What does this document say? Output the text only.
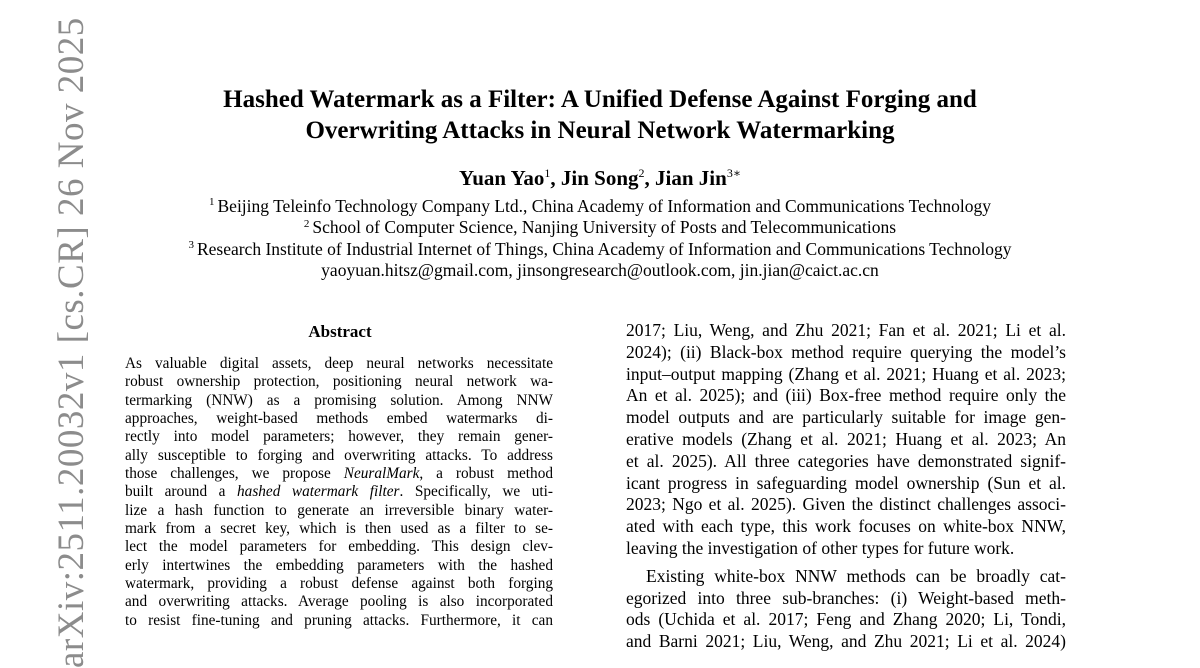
Hashed Watermark as a Filter: A Unified Defense Against Forging and
Overwriting Attacks in Neural Network Watermarking
Yuan Yao$^1$, Jin Song$^2$, Jian Jin$^{3∗}$
$^1$ Beijing Teleinfo Technology Company Ltd., China Academy of Information and Communications Technology
$^2$ School of Computer Science, Nanjing University of Posts and Telecommunications
$^3$ Research Institute of Industrial Internet of Things, China Academy of Information and Communications Technology
yaoyuan.hitsz@gmail.com, jinsongresearch@outlook.com, jin.jian@caict.ac.cn
arXiv:2511.20032v1 [cs.CR] 26 Nov 2025	Abstract
As valuable digital assets, deep neural networks necessitate
robust ownership protection, positioning neural network wa-
termarking (NNW) as a promising solution. Among NNW
approaches, weight-based methods embed watermarks di-
rectly into model parameters; however, they remain gener-
ally susceptible to forging and overwriting attacks. To address
those challenges, we propose NeuralMark, a robust method
built around a hashed watermark filter. Specifically, we uti-
lize a hash function to generate an irreversible binary water-
mark from a secret key, which is then used as a filter to se-
lect the model parameters for embedding. This design clev-
erly intertwines the embedding parameters with the hashed
watermark, providing a robust defense against both forging
and overwriting attacks. Average pooling is also incorporated
to resist fine-tuning and pruning attacks. Furthermore, it can
2017; Liu, Weng, and Zhu 2021; Fan et al. 2021; Li et al.
2024); (ii) Black-box method require querying the model’s
input–output mapping (Zhang et al. 2021; Huang et al. 2023;
An et al. 2025); and (iii) Box-free method require only the
model outputs and are particularly suitable for image gen-
erative models (Zhang et al. 2021; Huang et al. 2023; An
et al. 2025). All three categories have demonstrated signif-
icant progress in safeguarding model ownership (Sun et al.
2023; Ngo et al. 2025). Given the distinct challenges associ-
ated with each type, this work focuses on white-box NNW,
leaving the investigation of other types for future work.
Existing white-box NNW methods can be broadly cat-
egorized into three sub-branches: (i) Weight-based meth-
ods (Uchida et al. 2017; Feng and Zhang 2020; Li, Tondi,
and Barni 2021; Liu, Weng, and Zhu 2021; Li et al. 2024)
